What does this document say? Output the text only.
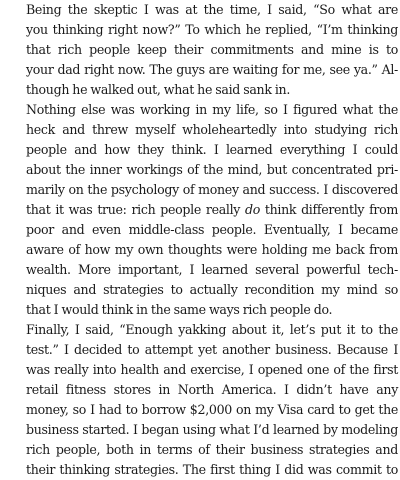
Being the skeptic I was at the time, I said, “So what are
you thinking right now?” To which he replied, “I’m thinking
that rich people keep their commitments and mine is to
your dad right now. The guys are waiting for me, see ya.” Al-
though he walked out, what he said sank in.

Nothing else was working in my life, so I figured what the
heck and threw myself wholeheartedly into studying rich
people and how they think. I learned everything I could
about the inner workings of the mind, but concentrated pri-
marily on the psychology of money and success. I discovered
that it was true: rich people really do think differently from
poor and even middle-class people. Eventually, I became
aware of how my own thoughts were holding me back from
wealth. More important, I learned several powerful tech-
niques and strategies to actually recondition my mind so
that I would think in the same ways rich people do.

Finally, I said, “Enough yakking about it, let’s put it to the
test.” I decided to attempt yet another business. Because I
was really into health and exercise, I opened one of the first
retail fitness stores in North America. I didn’t have any
money, so I had to borrow $2,000 on my Visa card to get the
business started. I began using what I’d learned by modeling
rich people, both in terms of their business strategies and
their thinking strategies. The first thing I did was commit to
